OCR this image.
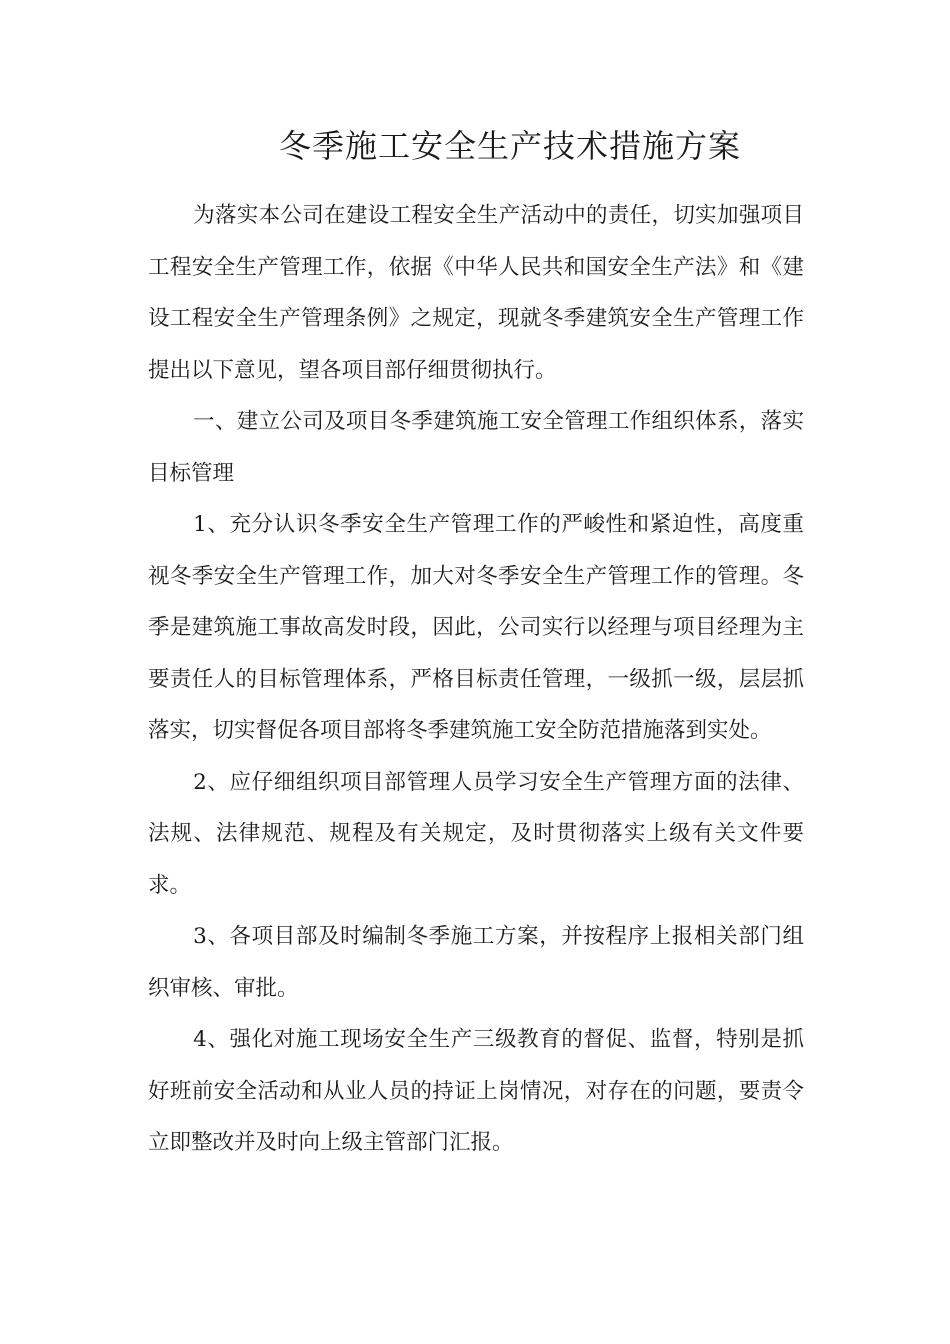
冬季施工安全生产技术措施方案

为落实本公司在建设工程安全生产活动中的责任，切实加强项目工程安全生产管理工作，依据《中华人民共和国安全生产法》和《建设工程安全生产管理条例》之规定，现就冬季建筑安全生产管理工作提出以下意见，望各项目部仔细贯彻执行。

一、建立公司及项目冬季建筑施工安全管理工作组织体系，落实目标管理

1、充分认识冬季安全生产管理工作的严峻性和紧迫性，高度重视冬季安全生产管理工作，加大对冬季安全生产管理工作的管理。冬季是建筑施工事故高发时段，因此，公司实行以经理与项目经理为主要责任人的目标管理体系，严格目标责任管理，一级抓一级，层层抓落实，切实督促各项目部将冬季建筑施工安全防范措施落到实处。

2、应仔细组织项目部管理人员学习安全生产管理方面的法律、法规、法律规范、规程及有关规定，及时贯彻落实上级有关文件要求。

3、各项目部及时编制冬季施工方案，并按程序上报相关部门组织审核、审批。

4、强化对施工现场安全生产三级教育的督促、监督，特别是抓好班前安全活动和从业人员的持证上岗情况，对存在的问题，要责令立即整改并及时向上级主管部门汇报。
